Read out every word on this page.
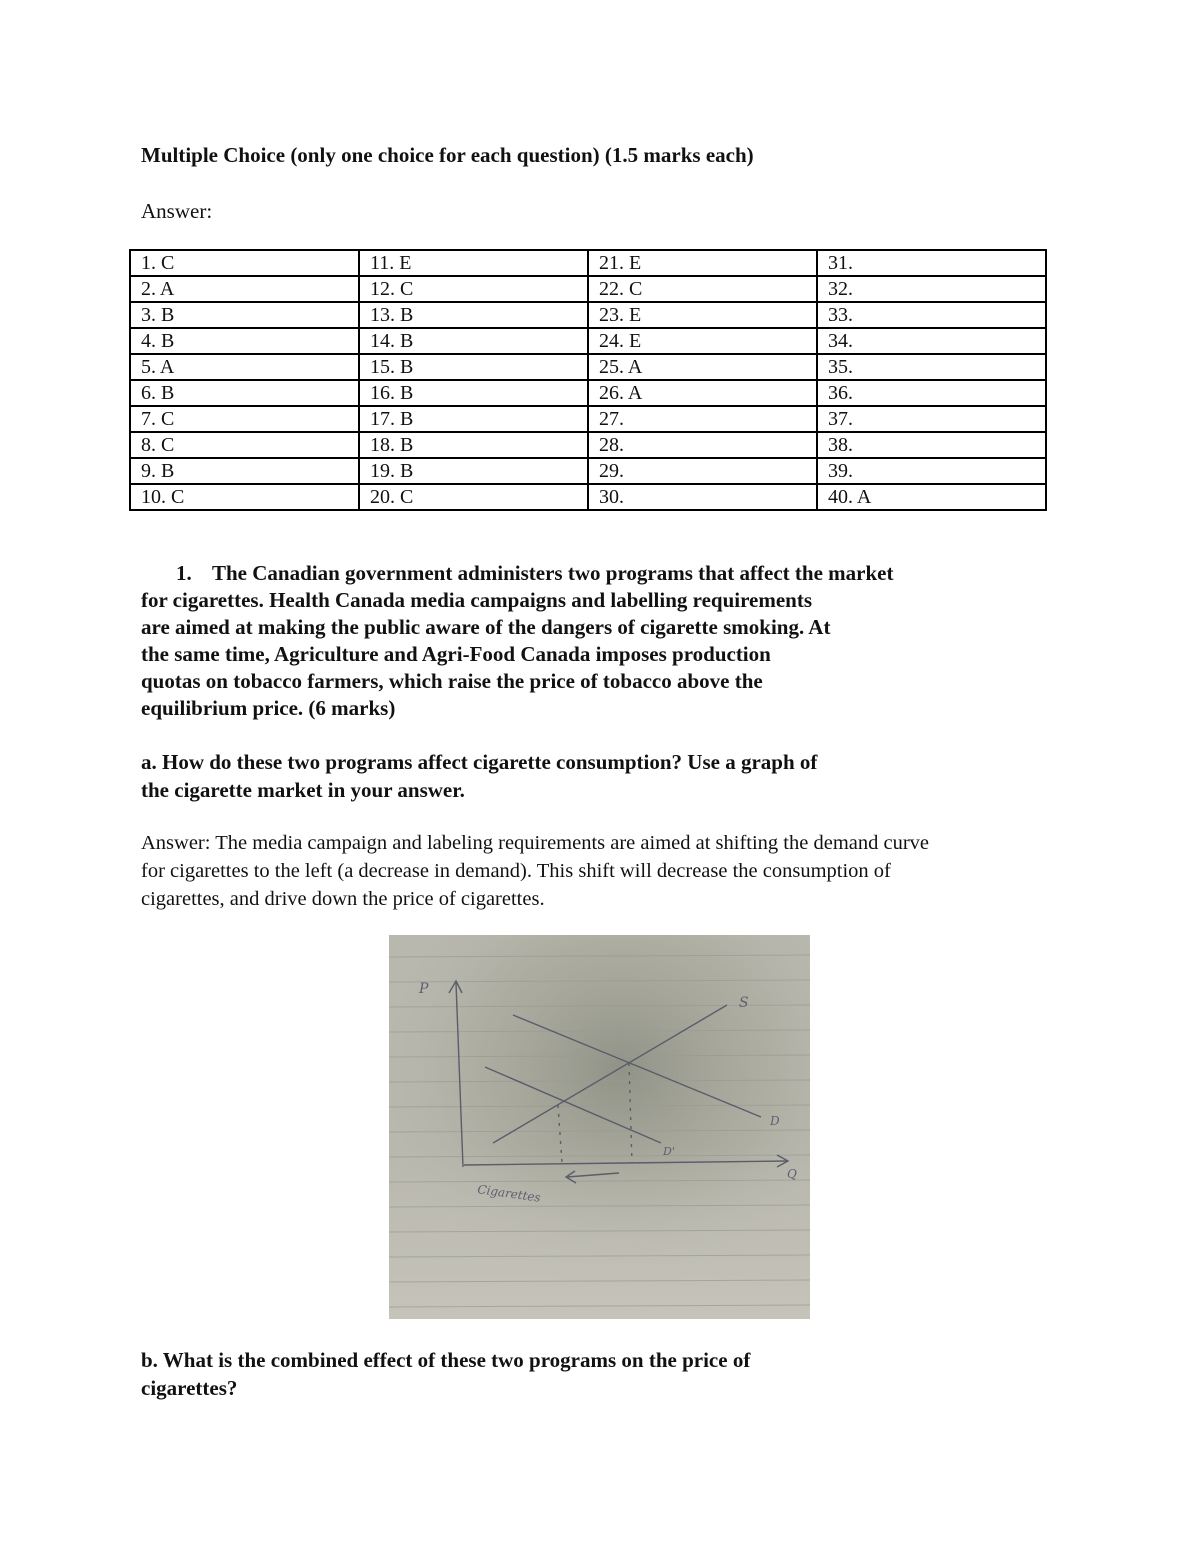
Multiple Choice (only one choice for each question) (1.5 marks each)
Answer:
1. C	11. E	21. E	31.
2. A	12. C	22. C	32.
3. B	13. B	23. E	33.
4. B	14. B	24. E	34.
5. A	15. B	25. A	35.
6. B	16. B	26. A	36.
7. C	17. B	27.	37.
8. C	18. B	28.	38.
9. B	19. B	29.	39.
10. C	20. C	30.	40. A
1. The Canadian government administers two programs that affect the market
for cigarettes. Health Canada media campaigns and labelling requirements
are aimed at making the public aware of the dangers of cigarette smoking. At
the same time, Agriculture and Agri-Food Canada imposes production
quotas on tobacco farmers, which raise the price of tobacco above the
equilibrium price. (6 marks)
a. How do these two programs affect cigarette consumption? Use a graph of
the cigarette market in your answer.
Answer: The media campaign and labeling requirements are aimed at shifting the demand curve
for cigarettes to the left (a decrease in demand). This shift will decrease the consumption of
cigarettes, and drive down the price of cigarettes.
P
S
D
D'
Q
Cigarettes
b. What is the combined effect of these two programs on the price of
cigarettes?
